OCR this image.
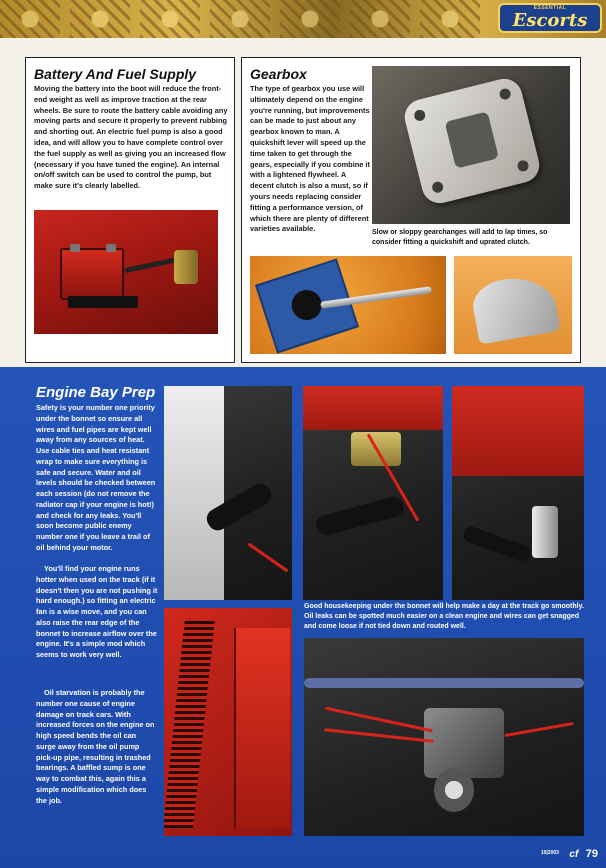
ESSENTIAL
Escorts
Battery And Fuel Supply

Moving the battery into the boot will reduce the front-end weight as well as improve traction at the rear wheels. Be sure to route the battery cable avoiding any moving parts and secure it properly to prevent rubbing and shorting out. An electric fuel pump is also a good idea, and will allow you to have complete control over the fuel supply as well as giving you an increased flow (necessary if you have tuned the engine). An internal on/off switch can be used to control the pump, but make sure it's clearly labelled.

Gearbox

The type of gearbox you use will ultimately depend on the engine you're running, but improvements can be made to just about any gearbox known to man. A quickshift lever will speed up the time taken to get through the gears, especially if you combine it with a lightened flywheel. A decent clutch is also a must, so if yours needs replacing consider fitting a performance version, of which there are plenty of different varieties available.	Slow or sloppy gearchanges will add to lap times, so consider fitting a quickshift and uprated clutch.

Engine Bay Prep

Safety is your number one priority under the bonnet so ensure all wires and fuel pipes are kept well away from any sources of heat. Use cable ties and heat resistant wrap to make sure everything is safe and secure. Water and oil levels should be checked between each session (do not remove the radiator cap if your engine is hot!) and check for any leaks. You'll soon become public enemy number one if you leave a trail of oil behind your motor.

You'll find your engine runs hotter when used on the track (if it doesn't then you are not pushing it hard enough.) so fitting an electric fan is a wise move, and you can also raise the rear edge of the bonnet to increase airflow over the engine. It's a simple mod which seems to work very well.

Oil starvation is probably the number one cause of engine damage on track cars. With increased forces on the engine on high speed bends the oil can surge away from the oil pump pick-up pipe, resulting in trashed bearings. A baffled sump is one way to combat this, again this a simple modification which does the job.

Good housekeeping under the bonnet will help make a day at the track go smoothly. Oil leaks can be spotted much easier on a clean engine and wires can get snagged and come loose if not tied down and routed well.

10|2003 cf 79
